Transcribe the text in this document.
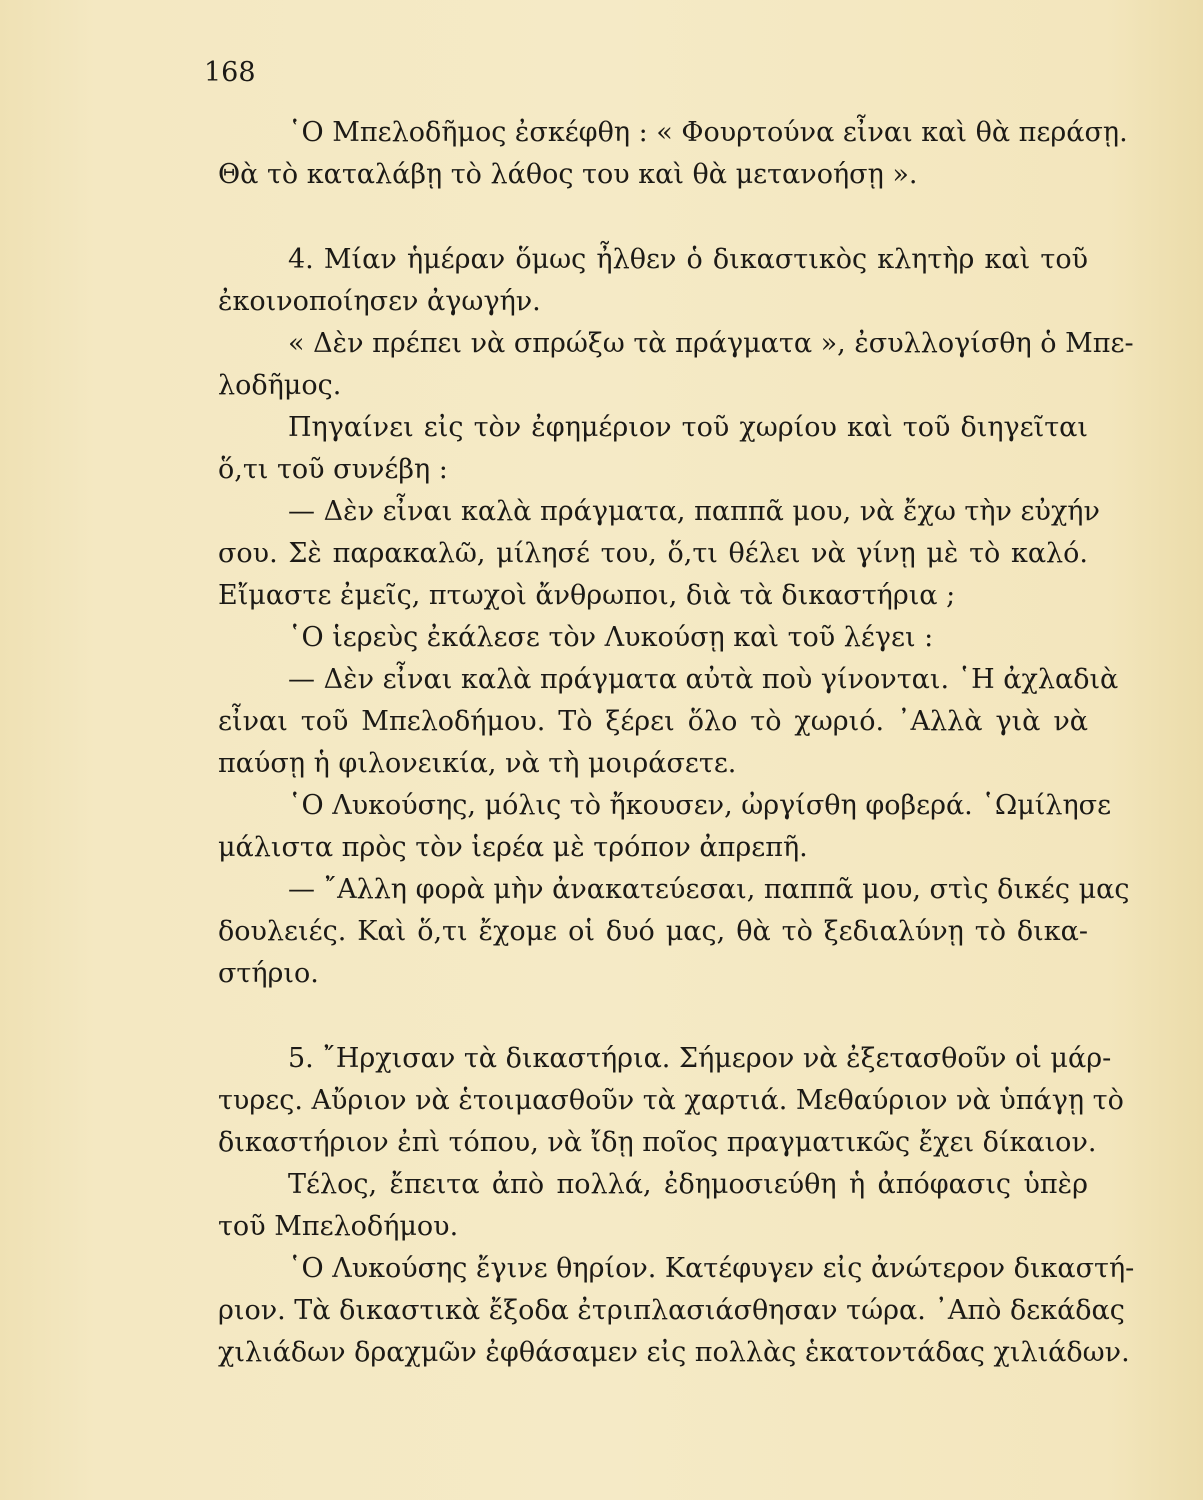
168
῾Ο Μπελοδῆμος ἐσκέφθη : « Φουρτούνα εἶναι καὶ θὰ περάσῃ.
Θὰ τὸ καταλάβῃ τὸ λάθος του καὶ θὰ μετανοήσῃ ».
4. Μίαν ἡμέραν ὅμως ἦλθεν ὁ δικαστικὸς κλητὴρ καὶ τοῦ
ἐκοινοποίησεν ἀγωγήν.
« Δὲν πρέπει νὰ σπρώξω τὰ πράγματα », ἐσυλλογίσθη ὁ Μπε-
λοδῆμος.
Πηγαίνει εἰς τὸν ἐφημέριον τοῦ χωρίου καὶ τοῦ διηγεῖται
ὅ,τι τοῦ συνέβη :
— Δὲν εἶναι καλὰ πράγματα, παππᾶ μου, νὰ ἔχω τὴν εὐχήν
σου. Σὲ παρακαλῶ, μίλησέ του, ὅ,τι θέλει νὰ γίνῃ μὲ τὸ καλό.
Εἴμαστε ἐμεῖς, πτωχοὶ ἄνθρωποι, διὰ τὰ δικαστήρια ;
῾Ο ἱερεὺς ἐκάλεσε τὸν Λυκούσῃ καὶ τοῦ λέγει :
— Δὲν εἶναι καλὰ πράγματα αὐτὰ ποὺ γίνονται. ῾Η ἀχλαδιὰ
εἶναι τοῦ Μπελοδήμου. Τὸ ξέρει ὅλο τὸ χωριό. ᾿Αλλὰ γιὰ νὰ
παύσῃ ἡ φιλονεικία, νὰ τὴ μοιράσετε.
῾Ο Λυκούσης, μόλις τὸ ἤκουσεν, ὠργίσθη φοβερά. ῾Ωμίλησε
μάλιστα πρὸς τὸν ἱερέα μὲ τρόπον ἀπρεπῆ.
— ῎Αλλη φορὰ μὴν ἀνακατεύεσαι, παππᾶ μου, στὶς δικές μας
δουλειές. Καὶ ὅ,τι ἔχομε οἱ δυό μας, θὰ τὸ ξεδιαλύνῃ τὸ δικα-
στήριο.
5. ῎Ηρχισαν τὰ δικαστήρια. Σήμερον νὰ ἐξετασθοῦν οἱ μάρ-
τυρες. Αὔριον νὰ ἑτοιμασθοῦν τὰ χαρτιά. Μεθαύριον νὰ ὑπάγῃ τὸ
δικαστήριον ἐπὶ τόπου, νὰ ἴδῃ ποῖος πραγματικῶς ἔχει δίκαιον.
Τέλος, ἔπειτα ἀπὸ πολλά, ἐδημοσιεύθη ἡ ἀπόφασις ὑπὲρ
τοῦ Μπελοδήμου.
῾Ο Λυκούσης ἔγινε θηρίον. Κατέφυγεν εἰς ἀνώτερον δικαστή-
ριον. Τὰ δικαστικὰ ἔξοδα ἐτριπλασιάσθησαν τώρα. ᾿Απὸ δεκάδας
χιλιάδων δραχμῶν ἐφθάσαμεν εἰς πολλὰς ἑκατοντάδας χιλιάδων.
